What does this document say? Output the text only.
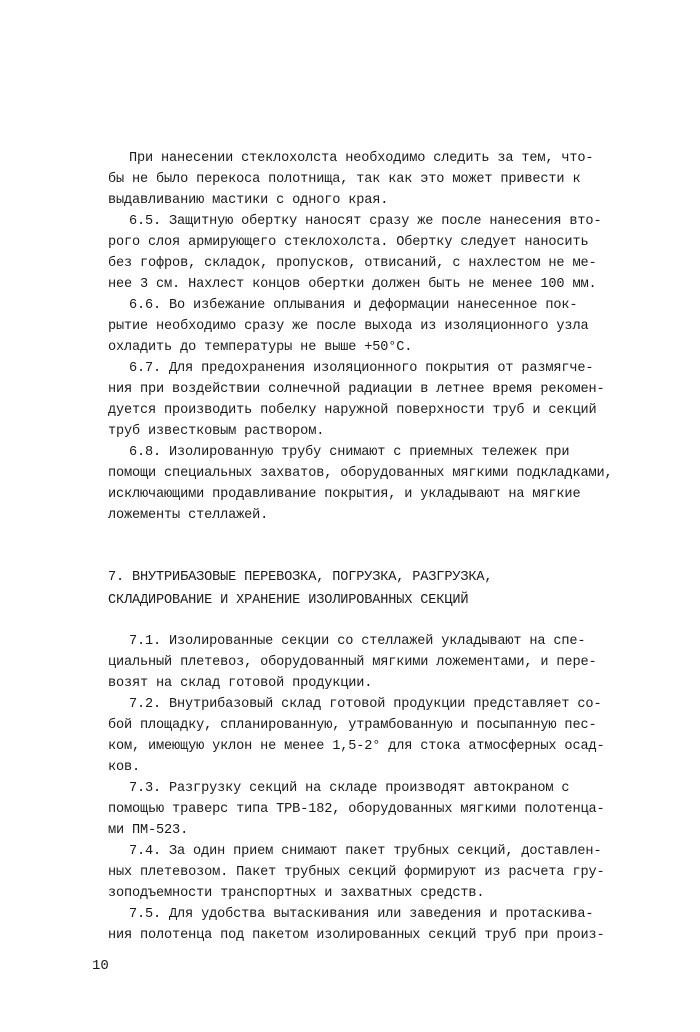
При нанесении стеклохолста необходимо следить за тем, что-
бы не было перекоса полотнища, так как это может привести к
выдавливанию мастики с одного края.
6.5. Защитную обертку наносят сразу же после нанесения вто-
рого слоя армирующего стеклохолста. Обертку следует наносить
без гофров, складок, пропусков, отвисаний, с нахлестом не ме-
нее 3 см. Нахлест концов обертки должен быть не менее 100 мм.
6.6. Во избежание оплывания и деформации нанесенное пок-
рытие необходимо сразу же после выхода из изоляционного узла
охладить до температуры не выше +50°С.
6.7. Для предохранения изоляционного покрытия от размягче-
ния при воздействии солнечной радиации в летнее время рекомен-
дуется производить побелку наружной поверхности труб и секций
труб известковым раствором.
6.8. Изолированную трубу снимают с приемных тележек при
помощи специальных захватов, оборудованных мягкими подкладками,
исключающими продавливание покрытия, и укладывают на мягкие
ложементы стеллажей.
7. ВНУТРИБАЗОВЫЕ ПЕРЕВОЗКА, ПОГРУЗКА, РАЗГРУЗКА,
СКЛАДИРОВАНИЕ И ХРАНЕНИЕ ИЗОЛИРОВАННЫХ СЕКЦИЙ
7.1. Изолированные секции со стеллажей укладывают на спе-
циальный плетевоз, оборудованный мягкими ложементами, и пере-
возят на склад готовой продукции.
7.2. Внутрибазовый склад готовой продукции представляет со-
бой площадку, спланированную, утрамбованную и посыпанную пес-
ком, имеющую уклон не менее 1,5-2° для стока атмосферных осад-
ков.
7.3. Разгрузку секций на складе производят автокраном с
помощью траверс типа ТРВ-182, оборудованных мягкими полотенца-
ми ПМ-523.
7.4. За один прием снимают пакет трубных секций, доставлен-
ных плетевозом. Пакет трубных секций формируют из расчета гру-
зоподъемности транспортных и захватных средств.
7.5. Для удобства вытаскивания или заведения и протаскива-
ния полотенца под пакетом изолированных секций труб при произ-
10
